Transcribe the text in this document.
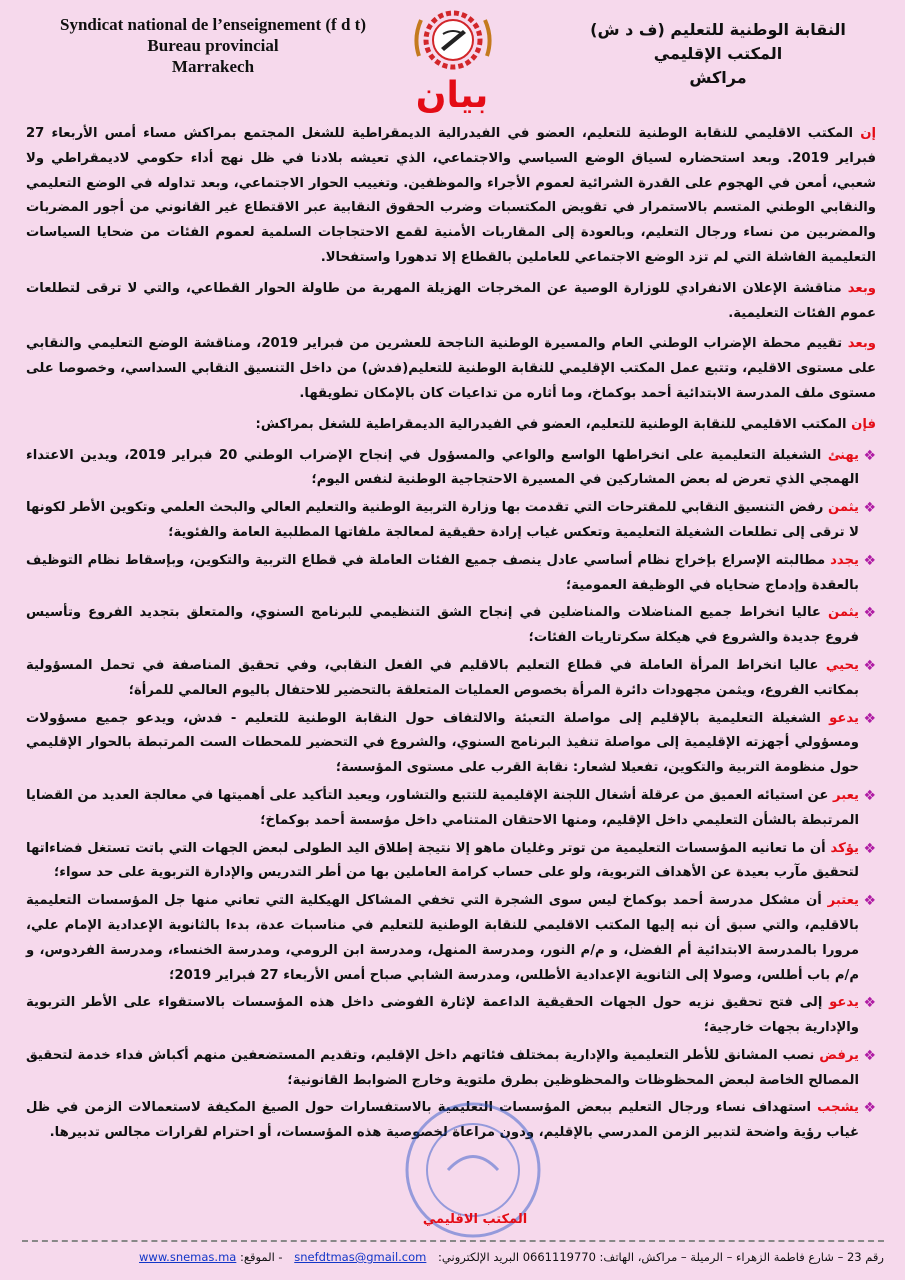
Syndicat national de l’enseignement (f d t)
Bureau provincial
Marrakech
بيان
النقابة الوطنية للتعليم (ف د ش)
المكتب الإقليمي
مراكش

إن المكتب الاقليمي للنقابة الوطنية للتعليم، العضو في الفيدرالية الديمقراطية للشغل المجتمع بمراكش مساء أمس الأربعاء 27 فبراير 2019. وبعد استحضاره لسياق الوضع السياسي والاجتماعي، الذي تعيشه بلادنا في ظل نهج أداء حكومي لاديمقراطي ولا شعبي، أمعن في الهجوم على القدرة الشرائية لعموم الأجراء والموظفين. وتغييب الحوار الاجتماعي، وبعد تداوله في الوضع التعليمي والنقابي الوطني المتسم بالاستمرار في تقويض المكتسبات وضرب الحقوق النقابية عبر الاقتطاع غير القانوني من أجور المضربات والمضربين من نساء ورجال التعليم، وبالعودة إلى المقاربات الأمنية لقمع الاحتجاجات السلمية لعموم الفئات من ضحايا السياسات التعليمية الفاشلة التي لم تزد الوضع الاجتماعي للعاملين بالقطاع إلا تدهورا واستفحالا.

وبعد مناقشة الإعلان الانفرادي للوزارة الوصية عن المخرجات الهزيلة المهربة من طاولة الحوار القطاعي، والتي لا ترقى لتطلعات عموم الفئات التعليمية.

وبعد تقييم محطة الإضراب الوطني العام والمسيرة الوطنية الناجحة للعشرين من فبراير 2019، ومناقشة الوضع التعليمي والنقابي على مستوى الاقليم، وتتبع عمل المكتب الإقليمي للنقابة الوطنية للتعليم(فدش) من داخل التنسيق النقابي السداسي، وخصوصا على مستوى ملف المدرسة الابتدائية أحمد بوكماخ، وما أثاره من تداعيات كان بالإمكان تطويقها.

فإن المكتب الاقليمي للنقابة الوطنية للتعليم، العضو في الفيدرالية الديمقراطية للشغل بمراكش:

❖
يهنئ الشغيلة التعليمية على انخراطها الواسع والواعي والمسؤول في إنجاح الإضراب الوطني 20 فبراير 2019، ويدين الاعتداء الهمجي الذي تعرض له بعض المشاركين في المسيرة الاحتجاجية الوطنية لنفس اليوم؛
❖
يثمن رفض التنسيق النقابي للمقترحات التي تقدمت بها وزارة التربية الوطنية والتعليم العالي والبحث العلمي وتكوين الأطر لكونها لا ترقى إلى تطلعات الشغيلة التعليمية وتعكس غياب إرادة حقيقية لمعالجة ملفاتها المطلبية العامة والفئوية؛
❖
يجدد مطالبته الإسراع بإخراج نظام أساسي عادل ينصف جميع الفئات العاملة في قطاع التربية والتكوين، وبإسقاط نظام التوظيف بالعقدة وإدماج ضحاياه في الوظيفة العمومية؛
❖
يثمن عاليا انخراط جميع المناضلات والمناضلين في إنجاح الشق التنظيمي للبرنامج السنوي، والمتعلق بتجديد الفروع وتأسيس فروع جديدة والشروع في هيكلة سكرتاريات الفئات؛
❖
يحيي عاليا انخراط المرأة العاملة في قطاع التعليم بالاقليم في الفعل النقابي، وفي تحقيق المناصفة في تحمل المسؤولية بمكاتب الفروع، ويثمن مجهودات دائرة المرأة بخصوص العمليات المتعلقة بالتحضير للاحتفال باليوم العالمي للمرأة؛
❖
يدعو الشغيلة التعليمية بالإقليم إلى مواصلة التعبئة والالتفاف حول النقابة الوطنية للتعليم - فدش، ويدعو جميع مسؤولات ومسؤولي أجهزته الإقليمية إلى مواصلة تنفيذ البرنامج السنوي، والشروع في التحضير للمحطات الست المرتبطة بالحوار الإقليمي حول منظومة التربية والتكوين، تفعيلا لشعار: نقابة القرب على مستوى المؤسسة؛
❖
يعبر عن استيائه العميق من عرقلة أشغال اللجنة الإقليمية للتتبع والتشاور، ويعيد التأكيد على أهميتها في معالجة العديد من القضايا المرتبطة بالشأن التعليمي داخل الإقليم، ومنها الاحتقان المتنامي داخل مؤسسة أحمد بوكماخ؛
❖
يؤكد أن ما تعانيه المؤسسات التعليمية من توتر وغليان ماهو إلا نتيجة إطلاق اليد الطولى لبعض الجهات التي باتت تستغل فضاءاتها لتحقيق مآرب بعيدة عن الأهداف التربوية، ولو على حساب كرامة العاملين بها من أطر التدريس والإدارة التربوية على حد سواء؛
❖
يعتبر أن مشكل مدرسة أحمد بوكماخ ليس سوى الشجرة التي تخفي المشاكل الهيكلية التي تعاني منها جل المؤسسات التعليمية بالاقليم، والتي سبق أن نبه إليها المكتب الاقليمي للنقابة الوطنية للتعليم في مناسبات عدة، بدءا بالثانوية الإعدادية الإمام علي، مرورا بالمدرسة الابتدائية أم الفضل، و م/م النور، ومدرسة المنهل، ومدرسة ابن الرومي، ومدرسة الخنساء، ومدرسة الفردوس، و م/م باب أطلس، وصولا إلى الثانوية الإعدادية الأطلس، ومدرسة الشابي صباح أمس الأربعاء 27 فبراير 2019؛
❖
يدعو إلى فتح تحقيق نزيه حول الجهات الحقيقية الداعمة لإثارة الفوضى داخل هذه المؤسسات بالاستقواء على الأطر التربوية والإدارية بجهات خارجية؛
❖
يرفض نصب المشانق للأطر التعليمية والإدارية بمختلف فئاتهم داخل الإقليم، وتقديم المستضعفين منهم أكباش فداء خدمة لتحقيق المصالح الخاصة لبعض المحظوظات والمحظوظين بطرق ملتوية وخارج الضوابط القانونية؛
❖
يشجب استهداف نساء ورجال التعليم ببعض المؤسسات التعليمية بالاستفسارات حول الصيغ المكيفة لاستعمالات الزمن في ظل غياب رؤية واضحة لتدبير الزمن المدرسي بالإقليم، ودون مراعاة لخصوصية هذه المؤسسات، أو احترام لقرارات مجالس تدبيرها.
المكتب الاقليمي
رقم 23 – شارع فاطمة الزهراء – الرميلة – مراكش، الهاتف: 0661119770 البريد الإلكتروني: snefdtmas@gmail.com - الموقع: www.snemas.ma
